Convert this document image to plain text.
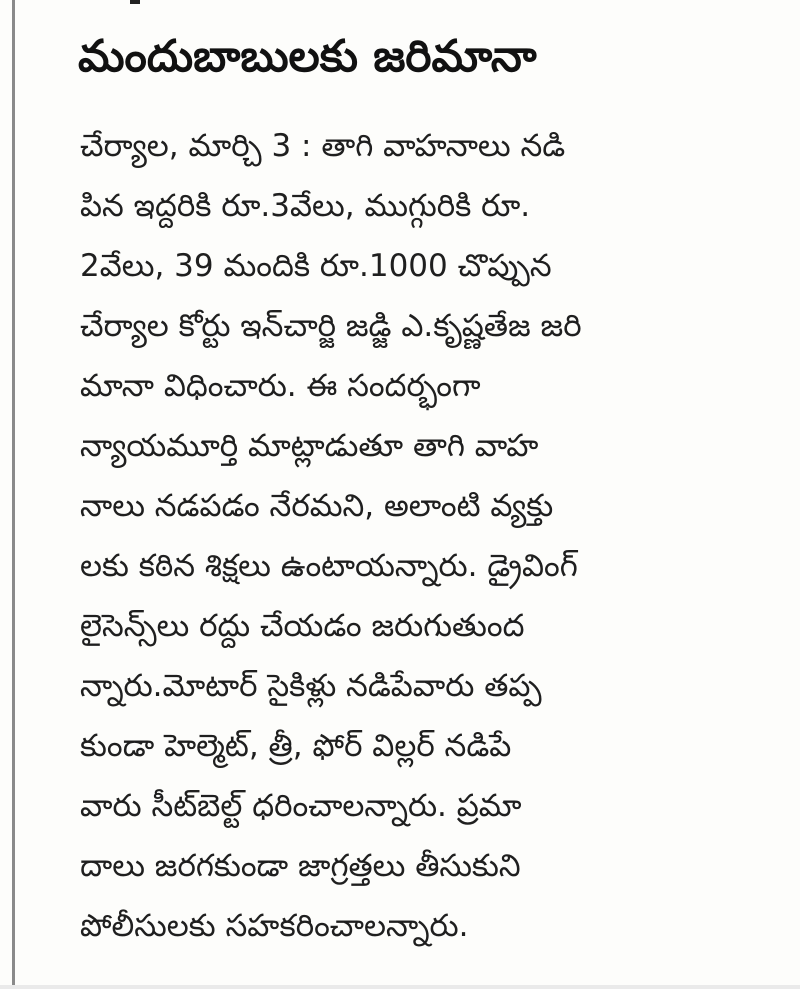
మందుబాబులకు జరిమానా
చేర్యాల, మార్చి 3 : తాగి వాహనాలు నడి
పిన ఇద్దరికి రూ.3వేలు, ముగ్గురికి రూ.
2వేలు, 39 మందికి రూ.1000 చొప్పున
చేర్యాల కోర్టు ఇన్‌చార్జి జడ్జి ఎ.కృష్ణతేజ జరి
మానా విధించారు. ఈ సందర్భంగా
న్యాయమూర్తి మాట్లాడుతూ తాగి వాహ
నాలు నడపడం నేరమని, అలాంటి వ్యక్తు
లకు కఠిన శిక్షలు ఉంటాయన్నారు. డ్రైవింగ్
లైసెన్స్‌లు రద్దు చేయడం జరుగుతుంద
న్నారు.మోటార్ సైకిళ్లు నడిపేవారు తప్ప
కుండా హెల్మెట్, త్రీ, ఫోర్ విల్లర్ నడిపే
వారు సీట్‌బెల్ట్ ధరించాలన్నారు. ప్రమా
దాలు జరగకుండా జాగ్రత్తలు తీసుకుని
పోలీసులకు సహకరించాలన్నారు.
